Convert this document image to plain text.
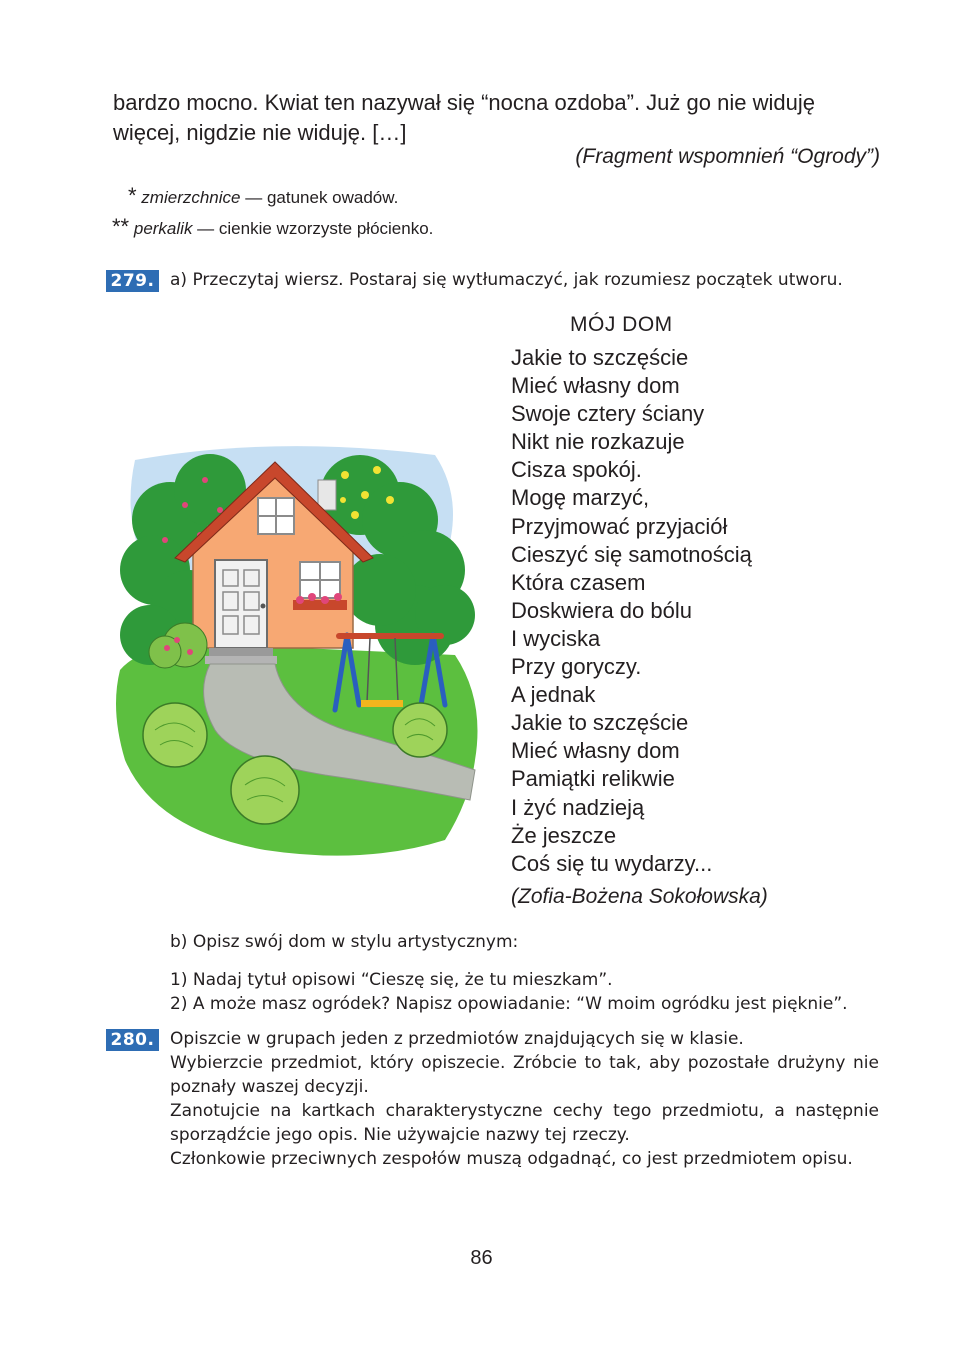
bardzo mocno. Kwiat ten nazywał się “nocna ozdoba”. Już go nie widuję

więcej, nigdzie nie widuję. […]

(Fragment wspomnień “Ogrody”)
* zmierzchnice — gatunek owadów.
** perkalik — cienkie wzorzyste płócienko.
279. a) Przeczytaj wiersz. Postaraj się wytłumaczyć, jak rozumiesz początek utworu.
MÓJ DOM
Jakie to szczęście
Mieć własny dom
Swoje cztery ściany
Nikt nie rozkazuje
Cisza spokój.
Mogę marzyć,
Przyjmować przyjaciół
Cieszyć się samotnością
Która czasem
Doskwiera do bólu
I wyciska
Przy goryczy.
A jednak
Jakie to szczęście
Mieć własny dom
Pamiątki relikwie
I żyć nadzieją
Że jeszcze
Coś się tu wydarzy...
(Zofia-Bożena Sokołowska)
b) Opisz swój dom w stylu artystycznym:
1) Nadaj tytuł opisowi “Cieszę się, że tu mieszkam”.
2) A może masz ogródek? Napisz opowiadanie: “W moim ogródku jest pięknie”.
280. Opiszcie w grupach jeden z przedmiotów znajdujących się w klasie.

Wybierzcie przedmiot, który opiszecie. Zróbcie to tak, aby pozostałe drużyny nie poznały waszej decyzji.

Zanotujcie na kartkach charakterystyczne cechy tego przedmiotu, a następnie sporządźcie jego opis. Nie używajcie nazwy tej rzeczy.

Członkowie przeciwnych zespołów muszą odgadnąć, co jest przedmiotem opisu.

86
